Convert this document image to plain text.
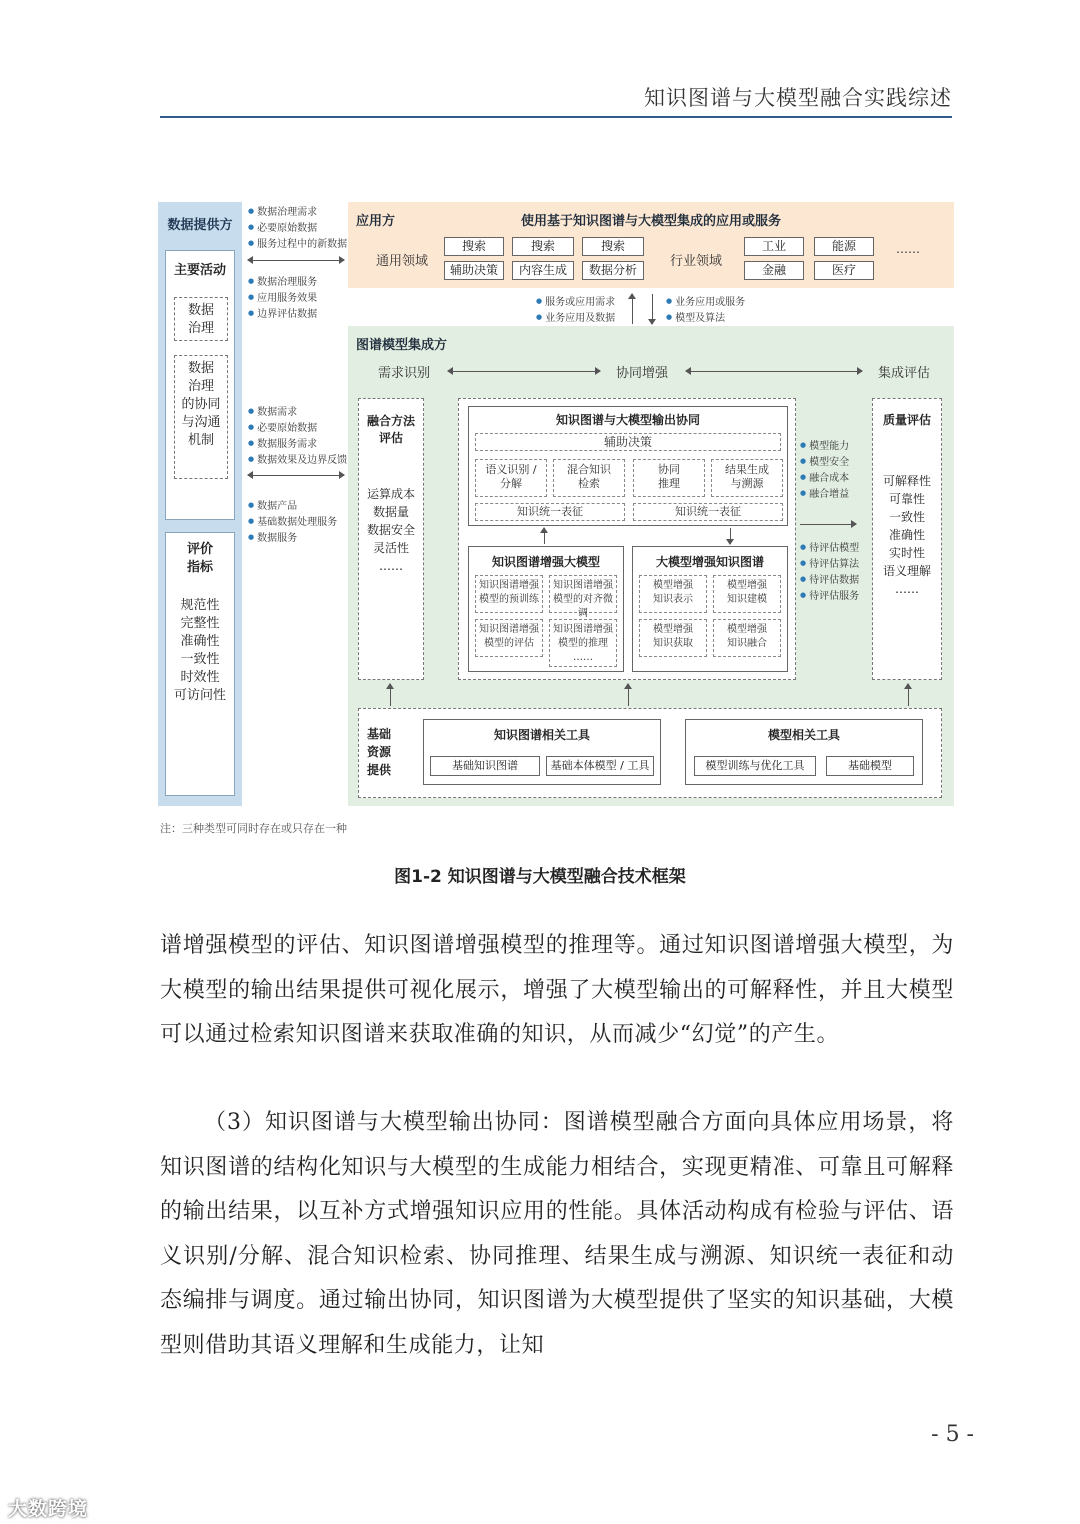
知识图谱与大模型融合实践综述
数据提供方
主要活动
数据
治理
数据
治理
的协同
与沟通
机制
评价
指标
规范性
完整性
准确性
一致性
时效性
可访问性
● 数据治理需求
● 必要原始数据
● 服务过程中的新数据
● 数据治理服务
● 应用服务效果
● 边界评估数据
● 数据需求
● 必要原始数据
● 数据服务需求
● 数据效果及边界反馈
● 数据产品
● 基础数据处理服务
● 数据服务
应用方	使用基于知识图谱与大模型集成的应用或服务
通用领域
搜索	搜索	搜索
辅助决策	内容生成	数据分析
行业领域
工业	能源
金融	医疗
……
● 服务或应用需求
● 业务应用及数据
● 业务应用或服务
● 模型及算法
图谱模型集成方
需求识别	协同增强	集成评估
融合方法
评估
运算成本
数据量
数据安全
灵活性
……
知识图谱与大模型输出协同
辅助决策
语义识别 /
分解
混合知识
检索
协同
推理
结果生成
与溯源
知识统一表征	知识统一表征
知识图谱增强大模型
知识图谱增强
模型的预训练
知识图谱增强
模型的对齐微调
知识图谱增强
模型的评估
知识图谱增强
模型的推理
……
大模型增强知识图谱
模型增强
知识表示
模型增强
知识建模
模型增强
知识获取
模型增强
知识融合
● 模型能力
● 模型安全
● 融合成本
● 融合增益
● 待评估模型
● 待评估算法
● 待评估数据
● 待评估服务
质量评估
可解释性
可靠性
一致性
准确性
实时性
语义理解
……
基础
资源
提供
知识图谱相关工具
基础知识图谱	基础本体模型 / 工具
模型相关工具
模型训练与优化工具	基础模型
注：三种类型可同时存在或只存在一种
图1-2 知识图谱与大模型融合技术框架
谱增强模型的评估、知识图谱增强模型的推理等。通过知识图谱增强大模型，为大模型的输出结果提供可视化展示，增强了大模型输出的可解释性，并且大模型可以通过检索知识图谱来获取准确的知识，从而减少“幻觉”的产生。
（3）知识图谱与大模型输出协同：图谱模型融合方面向具体应用场景，将知识图谱的结构化知识与大模型的生成能力相结合，实现更精准、可靠且可解释的输出结果，以互补方式增强知识应用的性能。具体活动构成有检验与评估、语义识别/分解、混合知识检索、协同推理、结果生成与溯源、知识统一表征和动态编排与调度。通过输出协同，知识图谱为大模型提供了坚实的知识基础，大模型则借助其语义理解和生成能力，让知
- 5 -
大数跨境
